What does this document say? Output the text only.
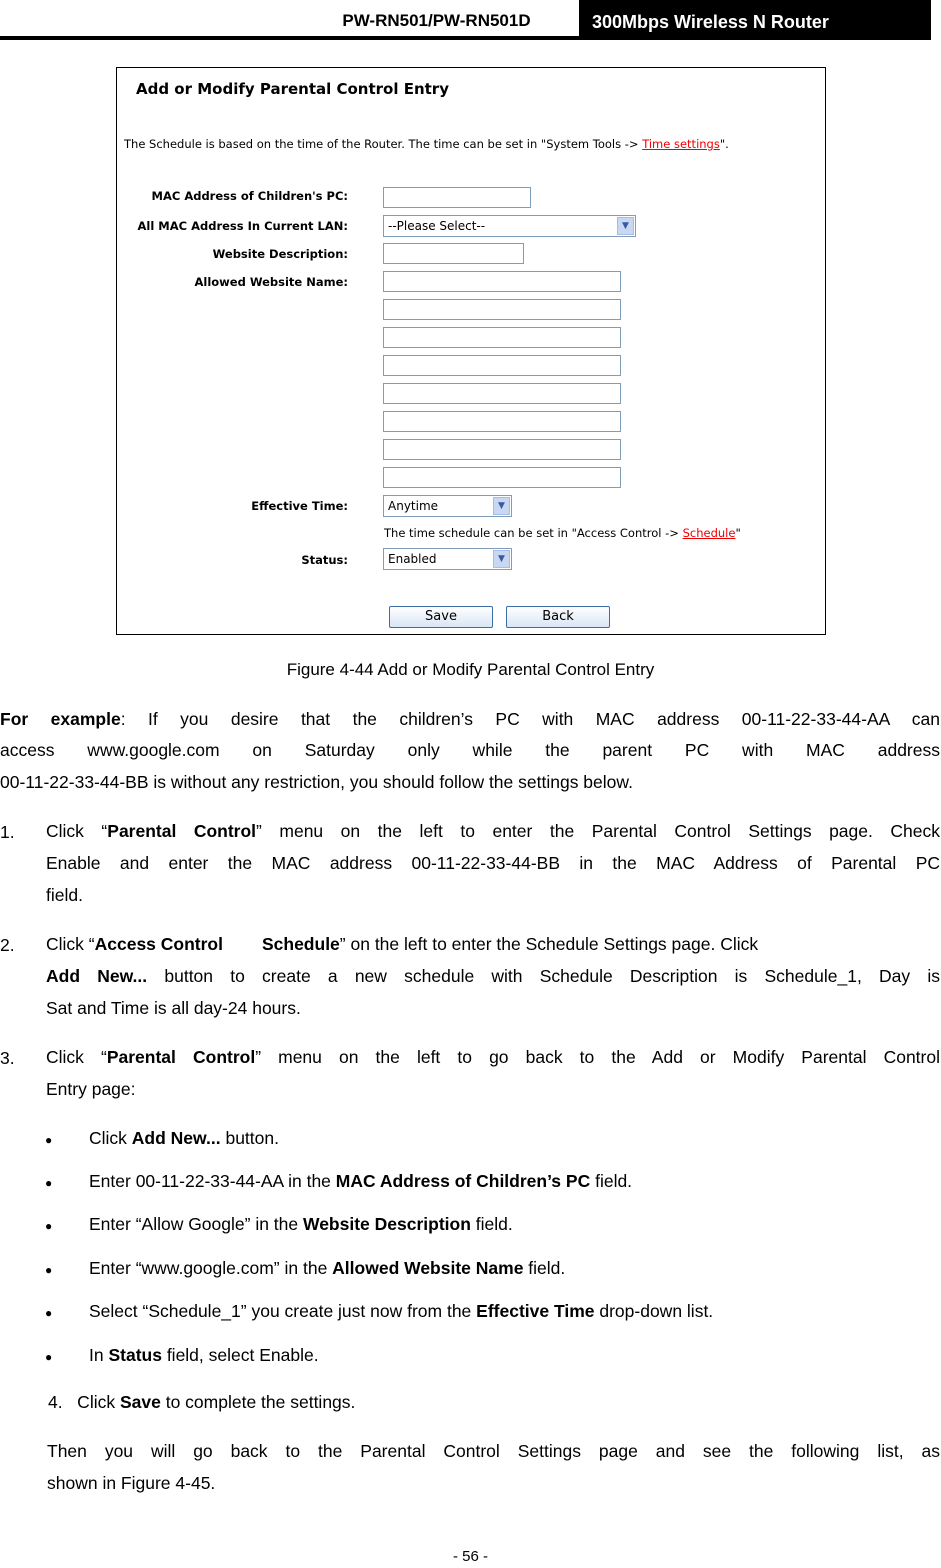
PW-RN501/PW-RN501D	300Mbps Wireless N Router
Add or Modify Parental Control Entry
The Schedule is based on the time of the Router. The time can be set in "System Tools -> Time settings".
MAC Address of Children's PC:
All MAC Address In Current LAN:	--Please Select--	▼
Website Description:
Allowed Website Name:
Effective Time:	Anytime	▼
The time schedule can be set in "Access Control -> Schedule"
Status:	Enabled	▼
Save	Back
Figure 4-44 Add or Modify Parental Control Entry
For example: If you desire that the children’s PC with MAC address 00-11-22-33-44-AA can
access www.google.com on Saturday only while the parent PC with MAC address
00-11-22-33-44-BB is without any restriction, you should follow the settings below.
1. Click “Parental Control” menu on the left to enter the Parental Control Settings page. Check
Enable and enter the MAC address 00-11-22-33-44-BB in the MAC Address of Parental PC
field.
2. Click “Access Control Schedule” on the left to enter the Schedule Settings page. Click
Add New... button to create a new schedule with Schedule Description is Schedule_1, Day is
Sat and Time is all day-24 hours.
3. Click “Parental Control” menu on the left to go back to the Add or Modify Parental Control
Entry page:
● Click Add New... button.
● Enter 00-11-22-33-44-AA in the MAC Address of Children’s PC field.
● Enter “Allow Google” in the Website Description field.
● Enter “www.google.com” in the Allowed Website Name field.
● Select “Schedule_1” you create just now from the Effective Time drop-down list.
● In Status field, select Enable.
4.   Click Save to complete the settings.
Then you will go back to the Parental Control Settings page and see the following list, as
shown in Figure 4-45.
- 56 -
